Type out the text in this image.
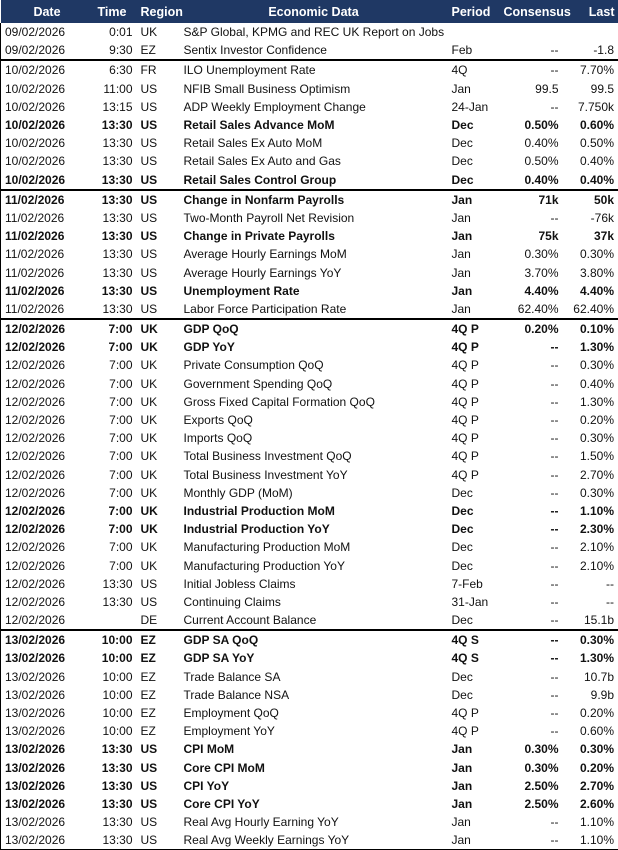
Date	Time	Region	Economic Data	Period	Consensus	Last
09/02/2026	0:01	UK	S&P Global, KPMG and REC UK Report on Jobs			
09/02/2026	9:30	EZ	Sentix Investor Confidence	Feb	--	-1.8
10/02/2026	6:30	FR	ILO Unemployment Rate	4Q	--	7.70%
10/02/2026	11:00	US	NFIB Small Business Optimism	Jan	99.5	99.5
10/02/2026	13:15	US	ADP Weekly Employment Change	24-Jan	--	7.750k
10/02/2026	13:30	US	Retail Sales Advance MoM	Dec	0.50%	0.60%
10/02/2026	13:30	US	Retail Sales Ex Auto MoM	Dec	0.40%	0.50%
10/02/2026	13:30	US	Retail Sales Ex Auto and Gas	Dec	0.50%	0.40%
10/02/2026	13:30	US	Retail Sales Control Group	Dec	0.40%	0.40%
11/02/2026	13:30	US	Change in Nonfarm Payrolls	Jan	71k	50k
11/02/2026	13:30	US	Two-Month Payroll Net Revision	Jan	--	-76k
11/02/2026	13:30	US	Change in Private Payrolls	Jan	75k	37k
11/02/2026	13:30	US	Average Hourly Earnings MoM	Jan	0.30%	0.30%
11/02/2026	13:30	US	Average Hourly Earnings YoY	Jan	3.70%	3.80%
11/02/2026	13:30	US	Unemployment Rate	Jan	4.40%	4.40%
11/02/2026	13:30	US	Labor Force Participation Rate	Jan	62.40%	62.40%
12/02/2026	7:00	UK	GDP QoQ	4Q P	0.20%	0.10%
12/02/2026	7:00	UK	GDP YoY	4Q P	--	1.30%
12/02/2026	7:00	UK	Private Consumption QoQ	4Q P	--	0.30%
12/02/2026	7:00	UK	Government Spending QoQ	4Q P	--	0.40%
12/02/2026	7:00	UK	Gross Fixed Capital Formation QoQ	4Q P	--	1.30%
12/02/2026	7:00	UK	Exports QoQ	4Q P	--	0.20%
12/02/2026	7:00	UK	Imports QoQ	4Q P	--	0.30%
12/02/2026	7:00	UK	Total Business Investment QoQ	4Q P	--	1.50%
12/02/2026	7:00	UK	Total Business Investment YoY	4Q P	--	2.70%
12/02/2026	7:00	UK	Monthly GDP (MoM)	Dec	--	0.30%
12/02/2026	7:00	UK	Industrial Production MoM	Dec	--	1.10%
12/02/2026	7:00	UK	Industrial Production YoY	Dec	--	2.30%
12/02/2026	7:00	UK	Manufacturing Production MoM	Dec	--	2.10%
12/02/2026	7:00	UK	Manufacturing Production YoY	Dec	--	2.10%
12/02/2026	13:30	US	Initial Jobless Claims	7-Feb	--	--
12/02/2026	13:30	US	Continuing Claims	31-Jan	--	--
12/02/2026		DE	Current Account Balance	Dec	--	15.1b
13/02/2026	10:00	EZ	GDP SA QoQ	4Q S	--	0.30%
13/02/2026	10:00	EZ	GDP SA YoY	4Q S	--	1.30%
13/02/2026	10:00	EZ	Trade Balance SA	Dec	--	10.7b
13/02/2026	10:00	EZ	Trade Balance NSA	Dec	--	9.9b
13/02/2026	10:00	EZ	Employment QoQ	4Q P	--	0.20%
13/02/2026	10:00	EZ	Employment YoY	4Q P	--	0.60%
13/02/2026	13:30	US	CPI MoM	Jan	0.30%	0.30%
13/02/2026	13:30	US	Core CPI MoM	Jan	0.30%	0.20%
13/02/2026	13:30	US	CPI YoY	Jan	2.50%	2.70%
13/02/2026	13:30	US	Core CPI YoY	Jan	2.50%	2.60%
13/02/2026	13:30	US	Real Avg Hourly Earning YoY	Jan	--	1.10%
13/02/2026	13:30	US	Real Avg Weekly Earnings YoY	Jan	--	1.10%
